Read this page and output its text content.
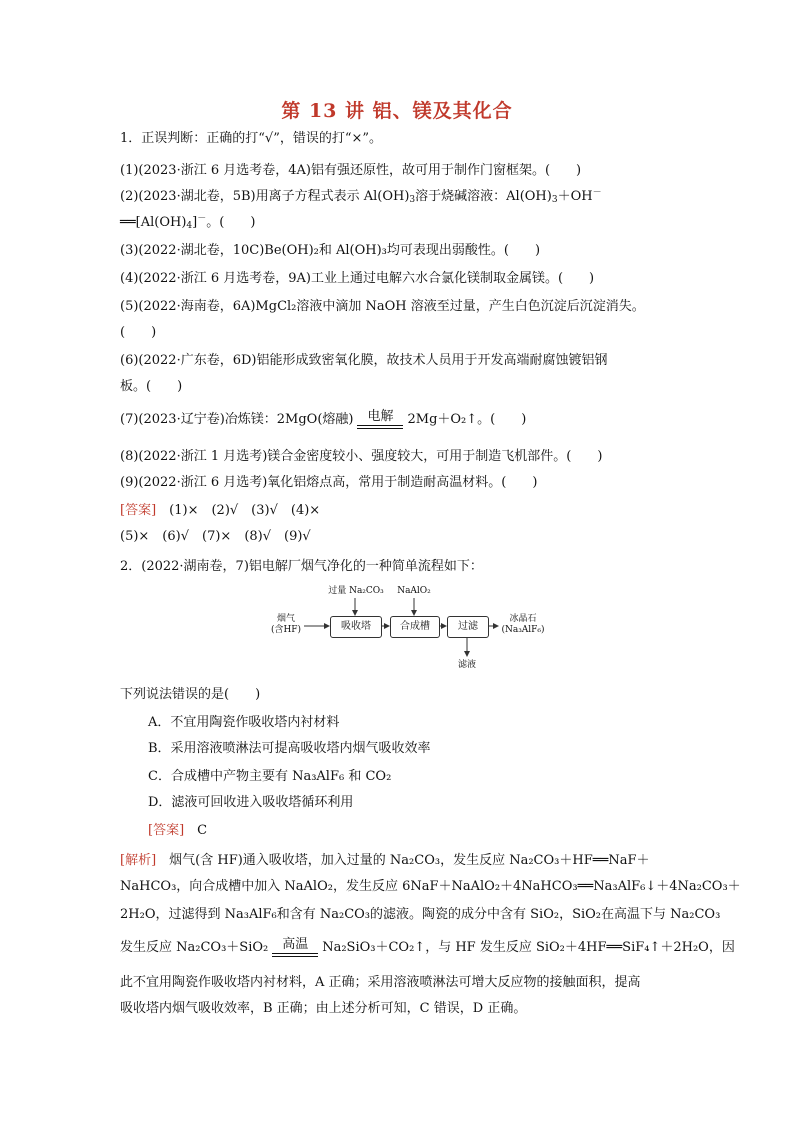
第 13 讲 铝、镁及其化合
1．正误判断：正确的打“√”，错误的打“×”。
(1)(2023·浙江 6 月选考卷，4A)铝有强还原性，故可用于制作门窗框架。(　　)
(2)(2023·湖北卷，5B)用离子方程式表示 $Al(OH)_3$溶于烧碱溶液：$Al(OH)_3+OH^-$
$══[Al(OH)_4]^-$。(　　)
(3)(2022·湖北卷，10C)Be(OH)₂和 Al(OH)₃均可表现出弱酸性。(　　)
(4)(2022·浙江 6 月选考卷，9A)工业上通过电解六水合氯化镁制取金属镁。(　　)
(5)(2022·海南卷，6A)MgCl₂溶液中滴加 NaOH 溶液至过量，产生白色沉淀后沉淀消失。
(　　)
(6)(2022·广东卷，6D)铝能形成致密氧化膜，故技术人员用于开发高端耐腐蚀镀铝钢
板。(　　)
(7)(2023·辽宁卷)冶炼镁：2MgO(熔融)	电解	2Mg＋O₂↑。(　　)
(8)(2022·浙江 1 月选考)镁合金密度较小、强度较大，可用于制造飞机部件。(　　)
(9)(2022·浙江 6 月选考)氧化铝熔点高，常用于制造耐高温材料。(　　)
[答案]　 (1)×　(2)√　(3)√　(4)×
(5)×　(6)√　(7)×　(8)√　(9)√
2．(2022·湖南卷，7)铝电解厂烟气净化的一种简单流程如下：
烟气
(含HF)
过量 Na₂CO₃	NaAlO₂
吸收塔	合成槽	过滤
冰晶石
(Na₃AlF₆)
滤液
下列说法错误的是(　　)
A．不宜用陶瓷作吸收塔内衬材料
B．采用溶液喷淋法可提高吸收塔内烟气吸收效率
C．合成槽中产物主要有 Na₃AlF₆ 和 CO₂
D．滤液可回收进入吸收塔循环利用
[答案]　 C
[解析]　烟气(含 HF)通入吸收塔，加入过量的 Na₂CO₃，发生反应 Na₂CO₃＋HF══NaF＋
NaHCO₃，向合成槽中加入 NaAlO₂，发生反应 6NaF＋NaAlO₂＋4NaHCO₃══Na₃AlF₆↓＋4Na₂CO₃＋
2H₂O，过滤得到 Na₃AlF₆和含有 Na₂CO₃的滤液。陶瓷的成分中含有 SiO₂，SiO₂在高温下与 Na₂CO₃
发生反应 Na₂CO₃＋SiO₂	高温	Na₂SiO₃＋CO₂↑，与 HF 发生反应 SiO₂＋4HF══SiF₄↑＋2H₂O，因
此不宜用陶瓷作吸收塔内衬材料，A 正确；采用溶液喷淋法可增大反应物的接触面积，提高
吸收塔内烟气吸收效率，B 正确；由上述分析可知，C 错误，D 正确。
